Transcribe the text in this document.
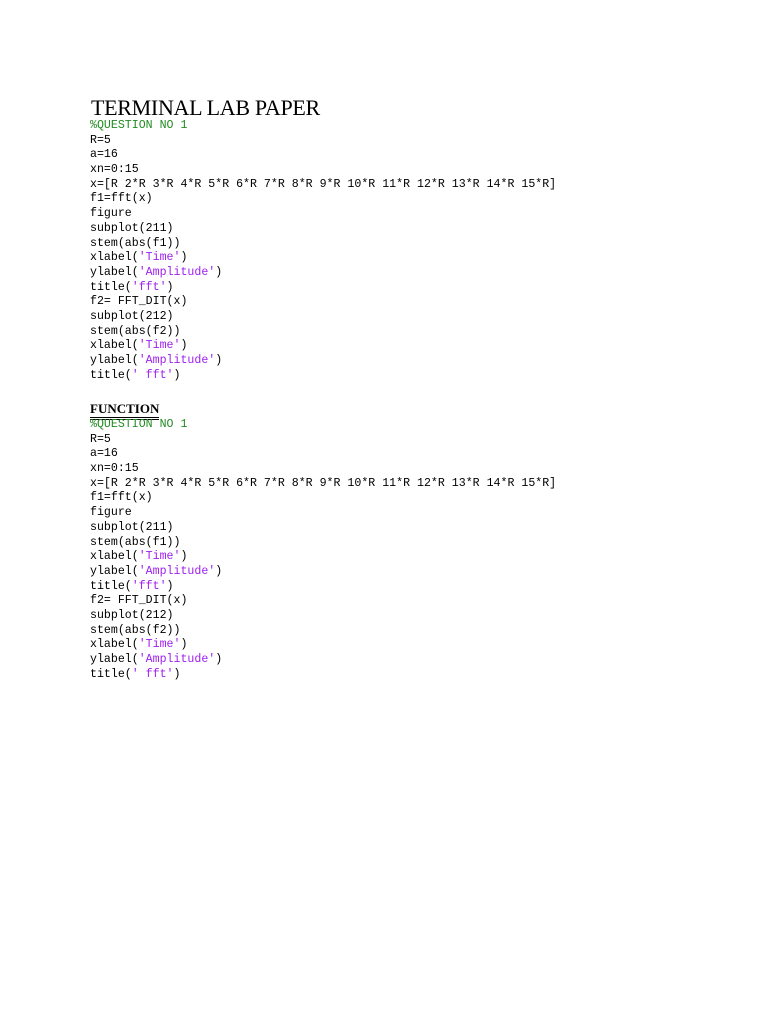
TERMINAL LAB PAPER
%QUESTION NO 1
R=5
a=16
xn=0:15
x=[R 2*R 3*R 4*R 5*R 6*R 7*R 8*R 9*R 10*R 11*R 12*R 13*R 14*R 15*R]
f1=fft(x)
figure
subplot(211)
stem(abs(f1))
xlabel('Time')
ylabel('Amplitude')
title('fft')
f2= FFT_DIT(x)
subplot(212)
stem(abs(f2))
xlabel('Time')
ylabel('Amplitude')
title(' fft')
FUNCTION
%QUESTION NO 1
R=5
a=16
xn=0:15
x=[R 2*R 3*R 4*R 5*R 6*R 7*R 8*R 9*R 10*R 11*R 12*R 13*R 14*R 15*R]
f1=fft(x)
figure
subplot(211)
stem(abs(f1))
xlabel('Time')
ylabel('Amplitude')
title('fft')
f2= FFT_DIT(x)
subplot(212)
stem(abs(f2))
xlabel('Time')
ylabel('Amplitude')
title(' fft')
